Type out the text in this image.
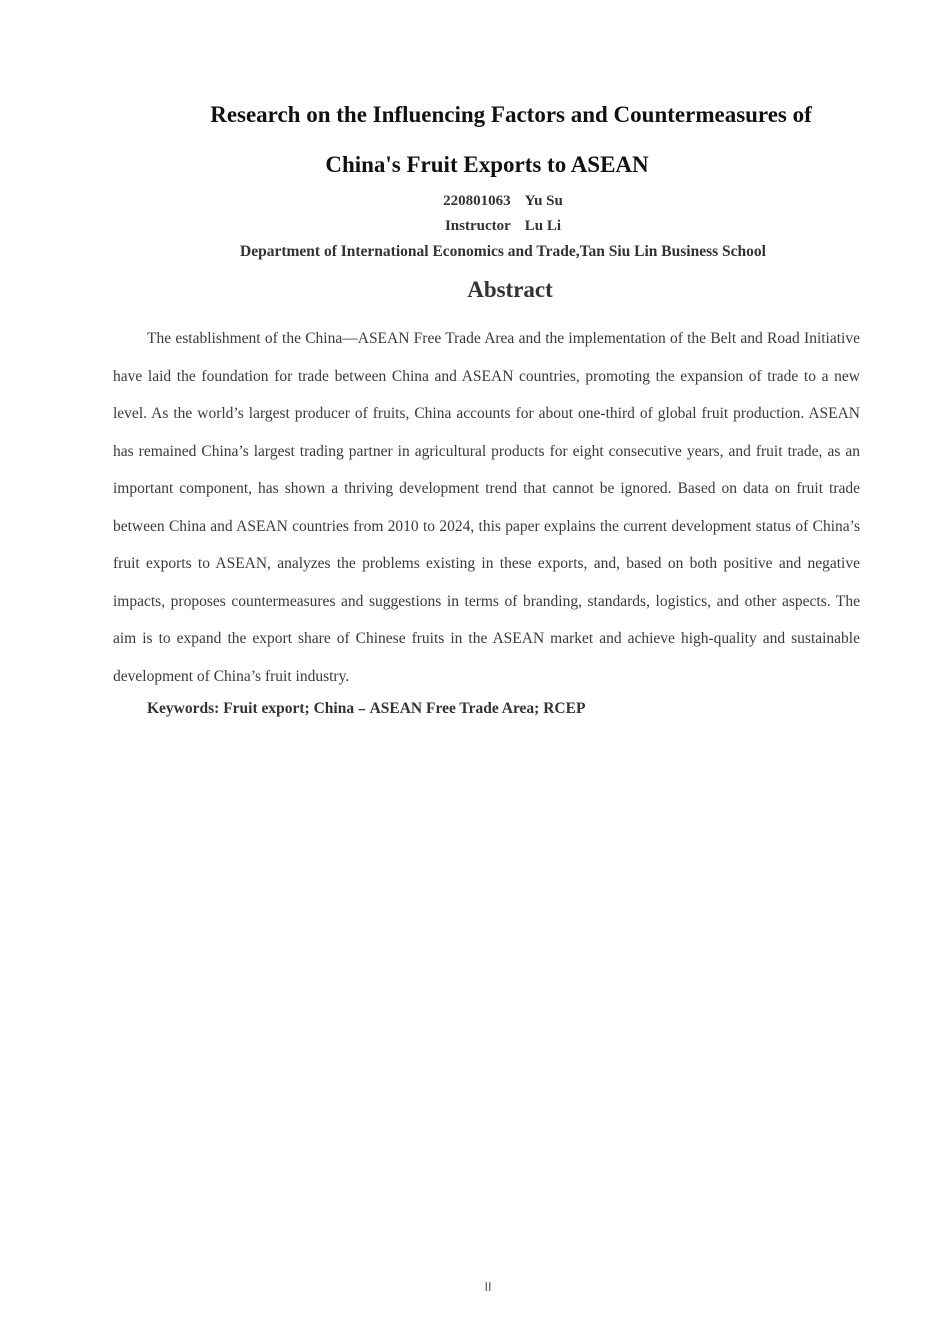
Research on the Influencing Factors and Countermeasures of
China's Fruit Exports to ASEAN
220801063 Yu Su
Instructor Lu Li
Department of International Economics and Trade,Tan Siu Lin Business School
Abstract

The establishment of the China—ASEAN Free Trade Area and the implementation of the Belt and Road Initiative have laid the foundation for trade between China and ASEAN countries, promoting the expansion of trade to a new level. As the world’s largest producer of fruits, China accounts for about one-third of global fruit production. ASEAN has remained China’s largest trading partner in agricultural products for eight consecutive years, and fruit trade, as an important component, has shown a thriving development trend that cannot be ignored. Based on data on fruit trade between China and ASEAN countries from 2010 to 2024, this paper explains the current development status of China’s fruit exports to ASEAN, analyzes the problems existing in these exports, and, based on both positive and negative impacts, proposes countermeasures and suggestions in terms of branding, standards, logistics, and other aspects. The aim is to expand the export share of Chinese fruits in the ASEAN market and achieve high-quality and sustainable development of China’s fruit industry.

Keywords: Fruit export; China﹣ASEAN Free Trade Area; RCEP
II
